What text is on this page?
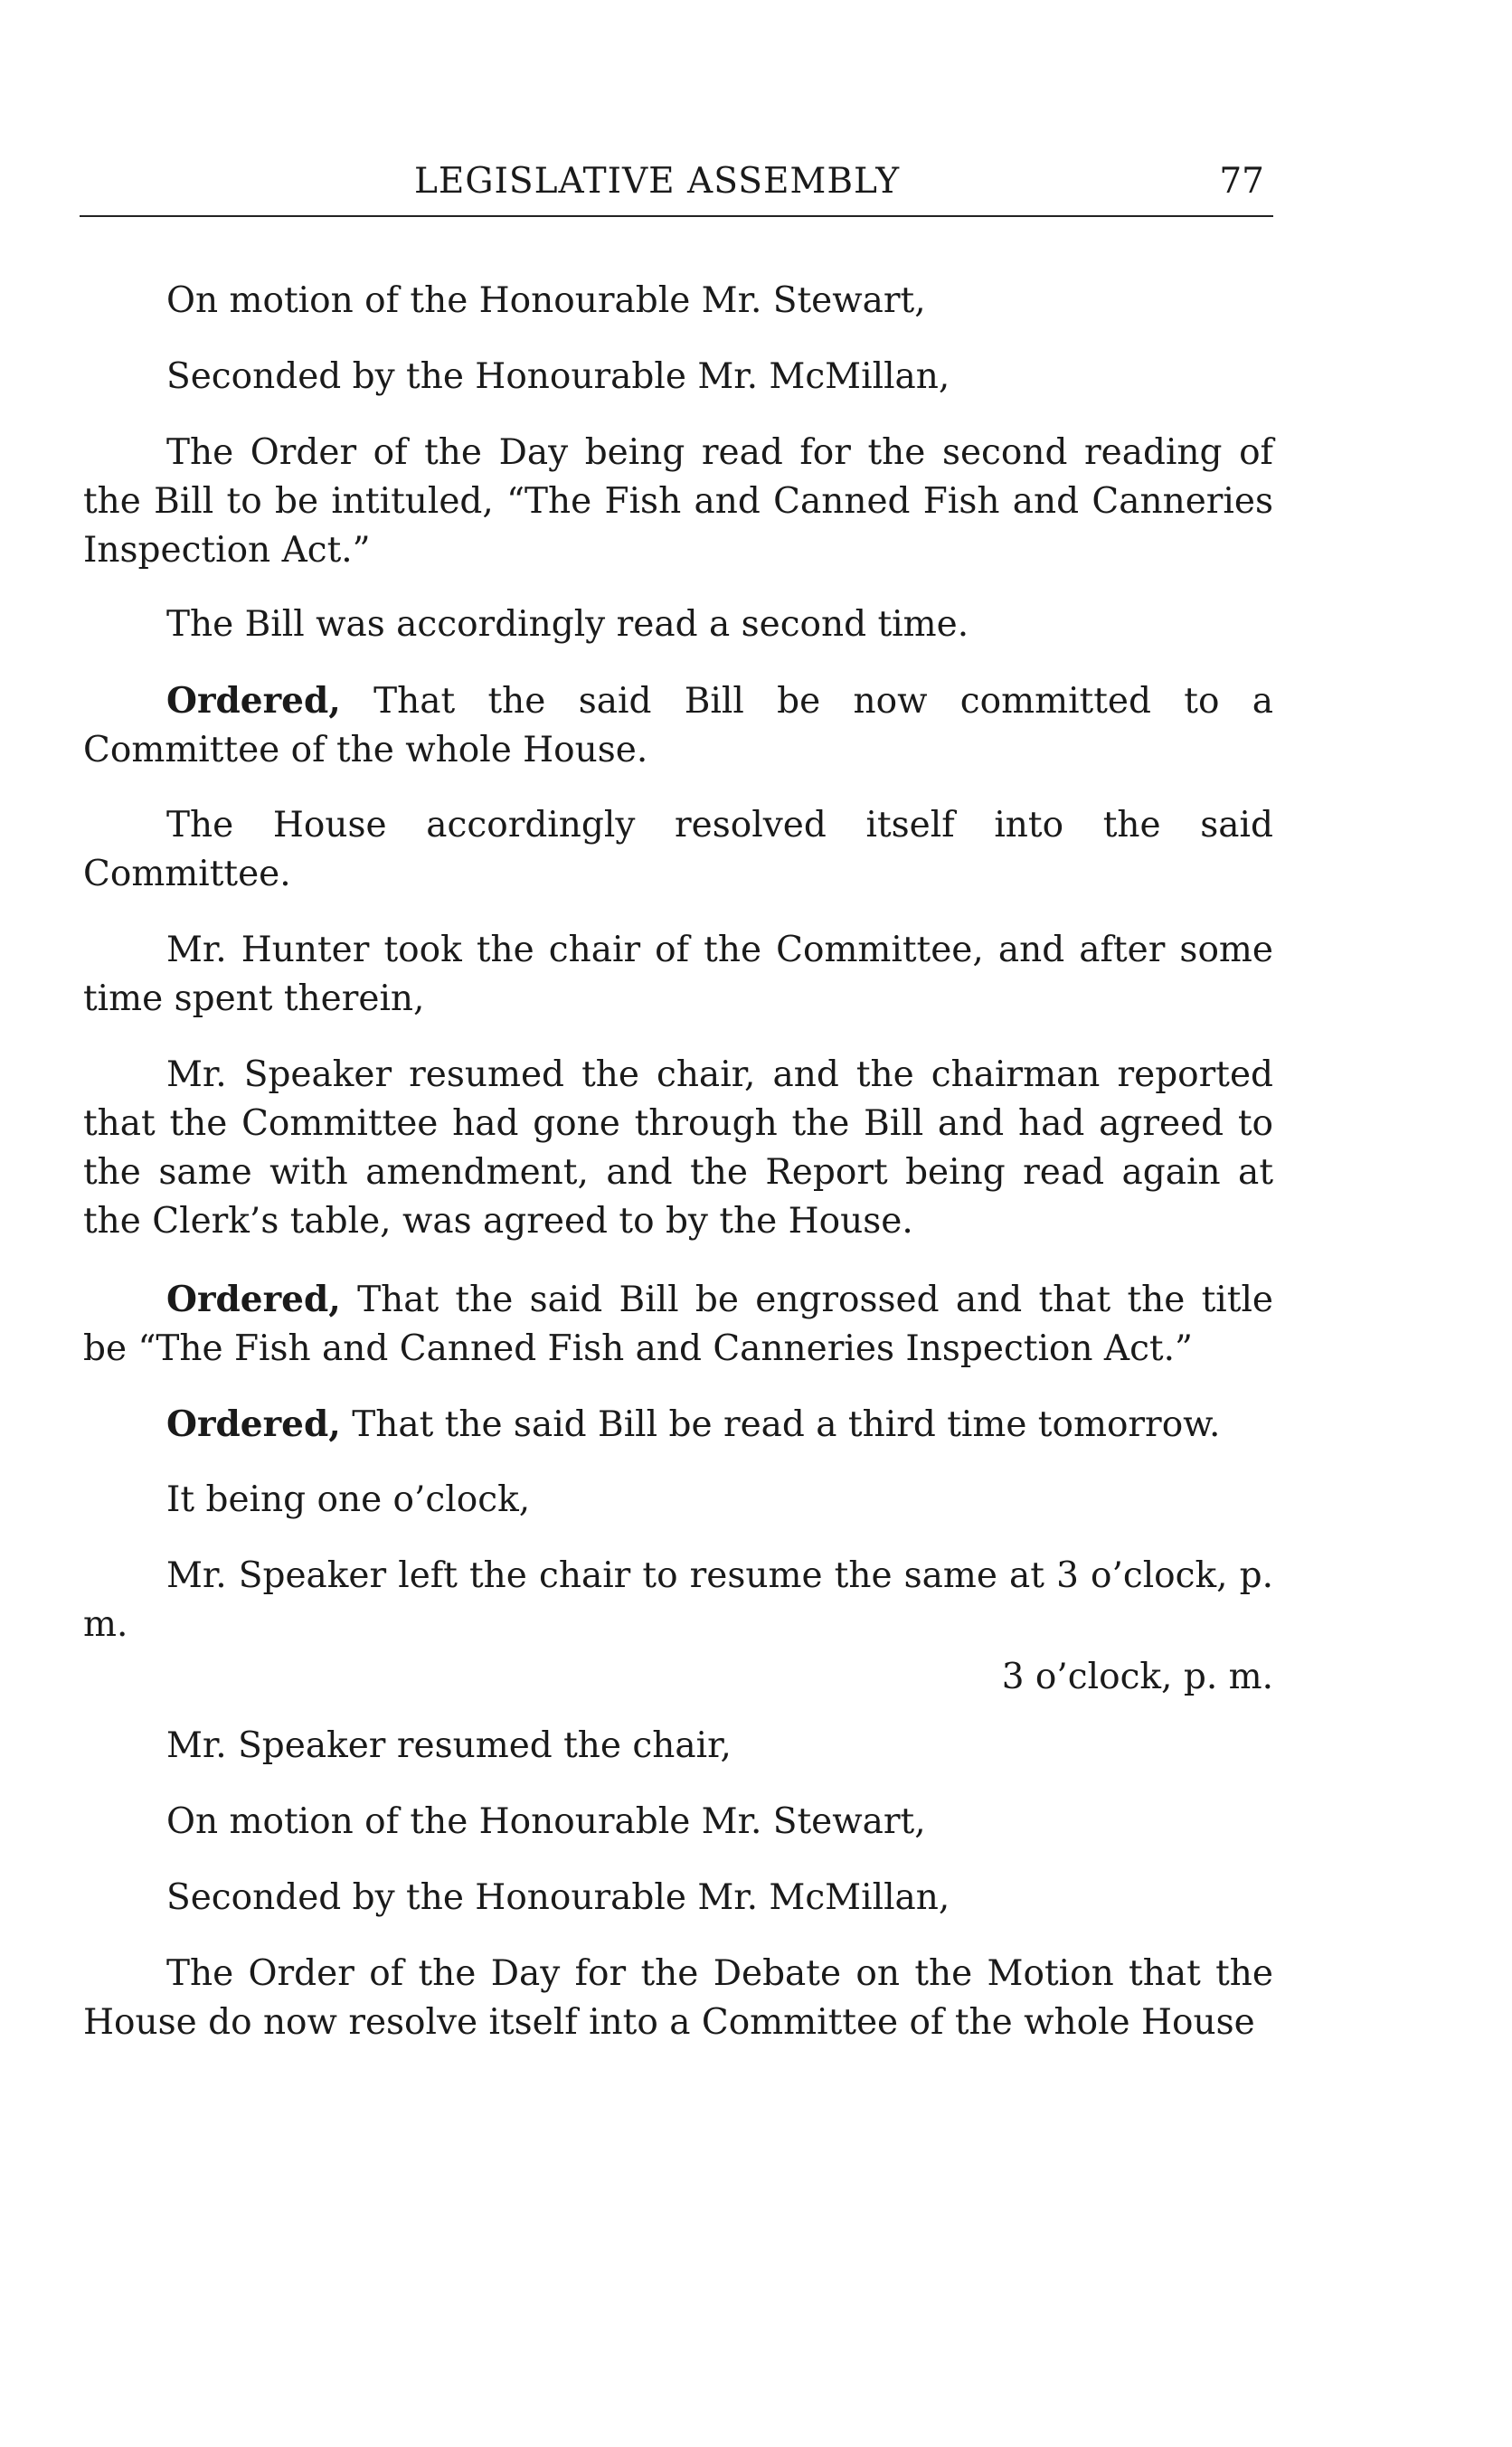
LEGISLATIVE ASSEMBLY	77
On motion of the Honourable Mr. Stewart,
Seconded by the Honourable Mr. McMillan,
The Order of the Day being read for the second reading of the Bill to be intituled, “The Fish and Canned Fish and Canneries Inspection Act.”
The Bill was accordingly read a second time.
Ordered, That the said Bill be now committed to a Committee of the whole House.
The House accordingly resolved itself into the said Committee.
Mr. Hunter took the chair of the Committee, and after some time spent therein,
Mr. Speaker resumed the chair, and the chairman reported that the Committee had gone through the Bill and had agreed to the same with amendment, and the Report being read again at the Clerk’s table, was agreed to by the House.
Ordered, That the said Bill be engrossed and that the title be “The Fish and Canned Fish and Canneries Inspection Act.”
Ordered, That the said Bill be read a third time tomorrow.
It being one o’clock,
Mr. Speaker left the chair to resume the same at 3 o’clock, p. m.
3 o’clock, p. m.
Mr. Speaker resumed the chair,
On motion of the Honourable Mr. Stewart,
Seconded by the Honourable Mr. McMillan,
The Order of the Day for the Debate on the Motion that the House do now resolve itself into a Committee of the whole House
